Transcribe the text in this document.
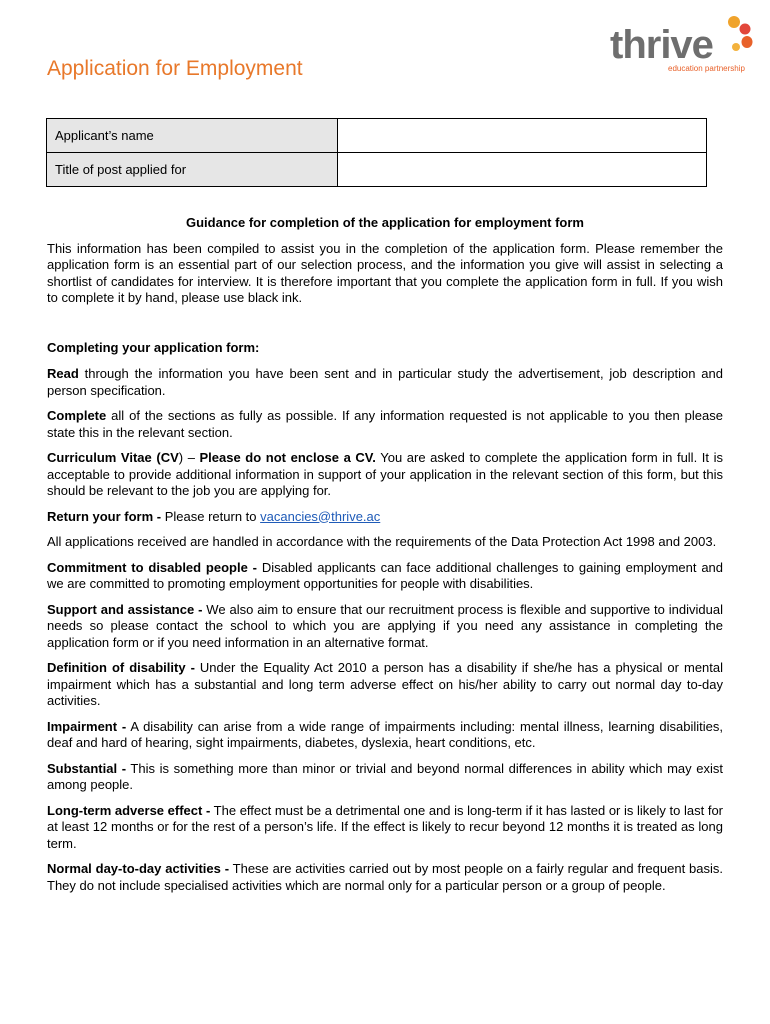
Application for Employment
thrive
education partnership
Applicant’s name	
Title of post applied for	
Guidance for completion of the application for employment form

This information has been compiled to assist you in the completion of the application form. Please remember the application form is an essential part of our selection process, and the information you give will assist in selecting a shortlist of candidates for interview. It is therefore important that you complete the application form in full. If you wish to complete it by hand, please use black ink.

Completing your application form:

Read through the information you have been sent and in particular study the advertisement, job description and person specification.

Complete all of the sections as fully as possible. If any information requested is not applicable to you then please state this in the relevant section.

Curriculum Vitae (CV) – Please do not enclose a CV. You are asked to complete the application form in full. It is acceptable to provide additional information in support of your application in the relevant section of this form, but this should be relevant to the job you are applying for.

Return your form - Please return to vacancies@thrive.ac

All applications received are handled in accordance with the requirements of the Data Protection Act 1998 and 2003.

Commitment to disabled people - Disabled applicants can face additional challenges to gaining employment and we are committed to promoting employment opportunities for people with disabilities.

Support and assistance - We also aim to ensure that our recruitment process is flexible and supportive to individual needs so please contact the school to which you are applying if you need any assistance in completing the application form or if you need information in an alternative format.

Definition of disability - Under the Equality Act 2010 a person has a disability if she/he has a physical or mental impairment which has a substantial and long term adverse effect on his/her ability to carry out normal day to-day activities.

Impairment - A disability can arise from a wide range of impairments including: mental illness, learning disabilities, deaf and hard of hearing, sight impairments, diabetes, dyslexia, heart conditions, etc.

Substantial - This is something more than minor or trivial and beyond normal differences in ability which may exist among people.

Long-term adverse effect - The effect must be a detrimental one and is long-term if it has lasted or is likely to last for at least 12 months or for the rest of a person’s life. If the effect is likely to recur beyond 12 months it is treated as long term.

Normal day-to-day activities - These are activities carried out by most people on a fairly regular and frequent basis. They do not include specialised activities which are normal only for a particular person or a group of people.
